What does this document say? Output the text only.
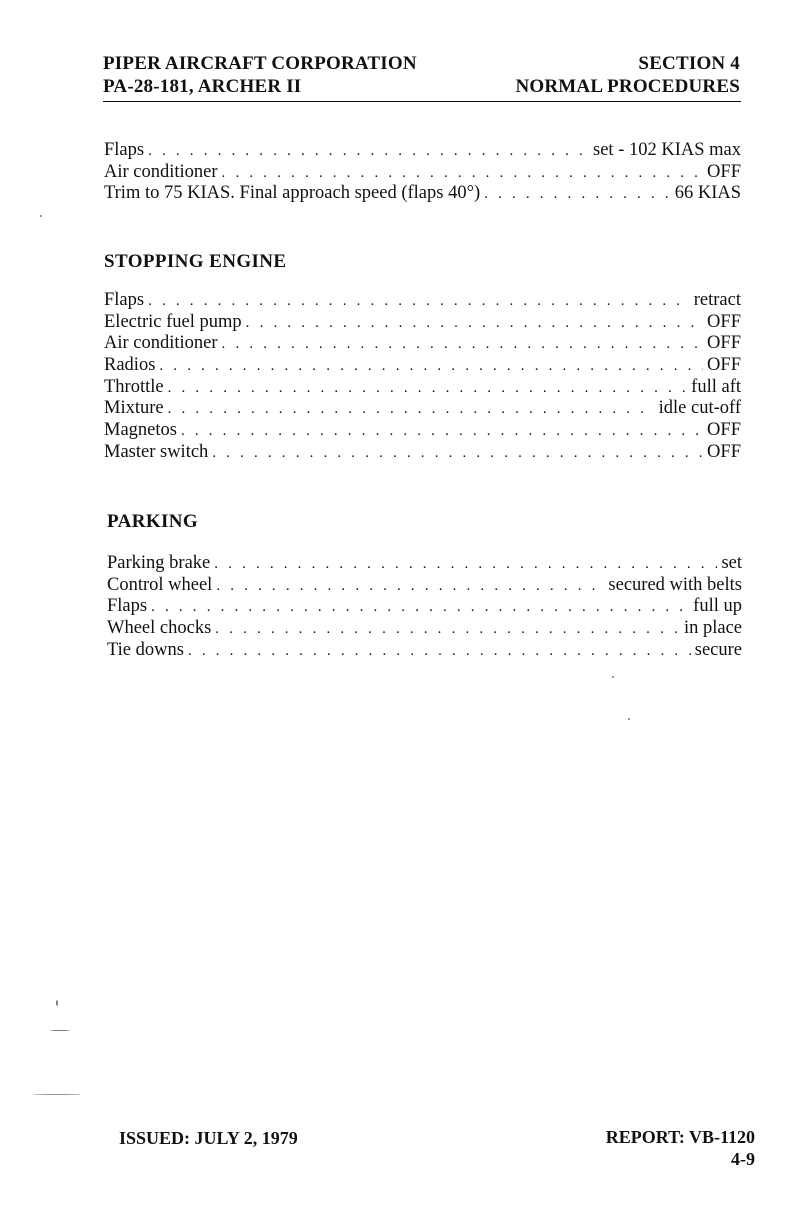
PIPER AIRCRAFT CORPORATION
PA-28-181, ARCHER II
SECTION 4
NORMAL PROCEDURES
Flaps . . .	set - 102 KIAS max
Air conditioner . . .	OFF
Trim to 75 KIAS. Final approach speed (flaps 40°) . . .	66 KIAS
STOPPING ENGINE
Flaps . . .	retract
Electric fuel pump . . .	OFF
Air conditioner . . .	OFF
Radios . . .	OFF
Throttle . . .	full aft
Mixture . . .	idle cut-off
Magnetos . . .	OFF
Master switch . . .	OFF
PARKING
Parking brake . . .	set
Control wheel . . .	secured with belts
Flaps . . .	full up
Wheel chocks . . .	in place
Tie downs . . .	secure
ISSUED: JULY 2, 1979	REPORT: VB-1120
4-9
